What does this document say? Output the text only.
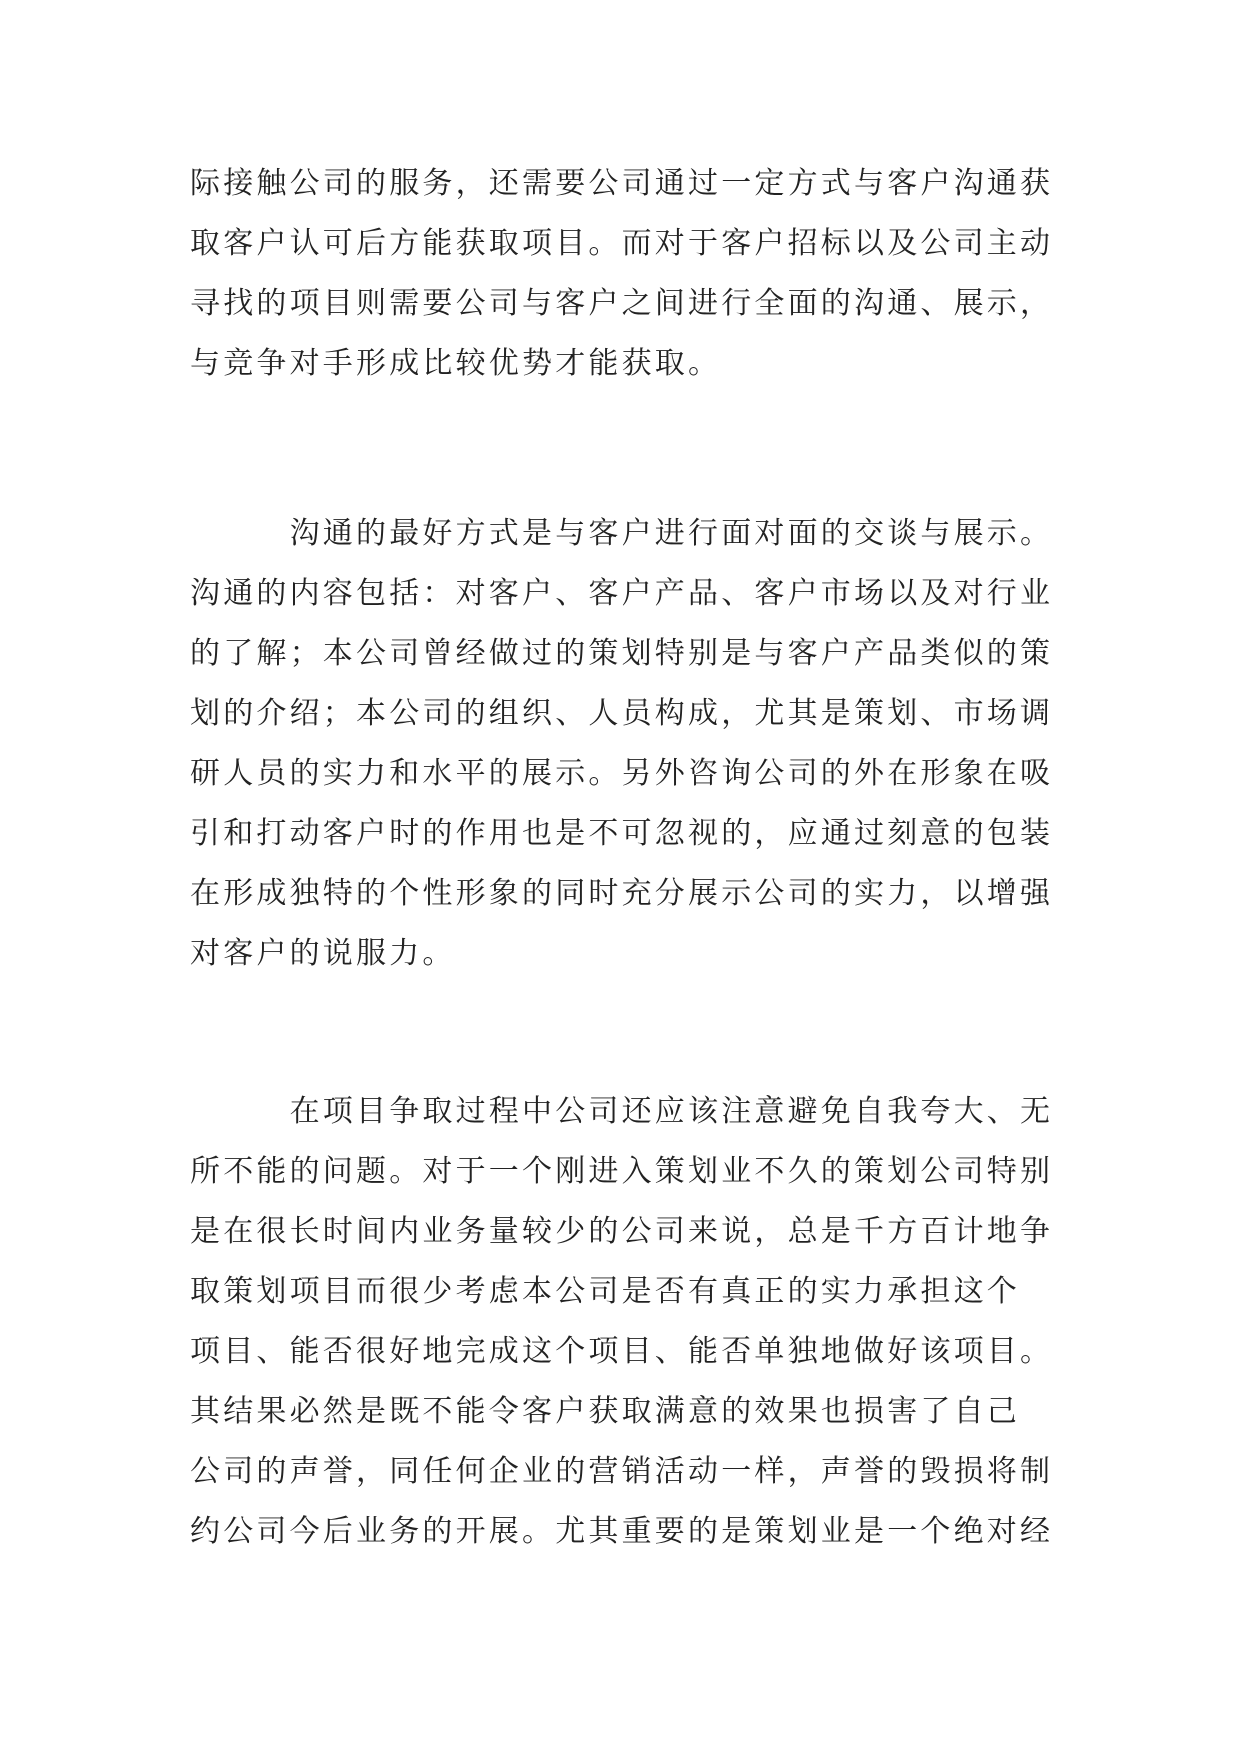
际接触公司的服务，还需要公司通过一定方式与客户沟通获
取客户认可后方能获取项目。而对于客户招标以及公司主动
寻找的项目则需要公司与客户之间进行全面的沟通、展示，
与竞争对手形成比较优势才能获取。
　　　沟通的最好方式是与客户进行面对面的交谈与展示。
沟通的内容包括：对客户、客户产品、客户市场以及对行业
的了解；本公司曾经做过的策划特别是与客户产品类似的策
划的介绍；本公司的组织、人员构成，尤其是策划、市场调
研人员的实力和水平的展示。另外咨询公司的外在形象在吸
引和打动客户时的作用也是不可忽视的，应通过刻意的包装
在形成独特的个性形象的同时充分展示公司的实力，以增强
对客户的说服力。
　　　在项目争取过程中公司还应该注意避免自我夸大、无
所不能的问题。对于一个刚进入策划业不久的策划公司特别
是在很长时间内业务量较少的公司来说，总是千方百计地争
取策划项目而很少考虑本公司是否有真正的实力承担这个
项目、能否很好地完成这个项目、能否单独地做好该项目。
其结果必然是既不能令客户获取满意的效果也损害了自己
公司的声誉，同任何企业的营销活动一样，声誉的毁损将制
约公司今后业务的开展。尤其重要的是策划业是一个绝对经
